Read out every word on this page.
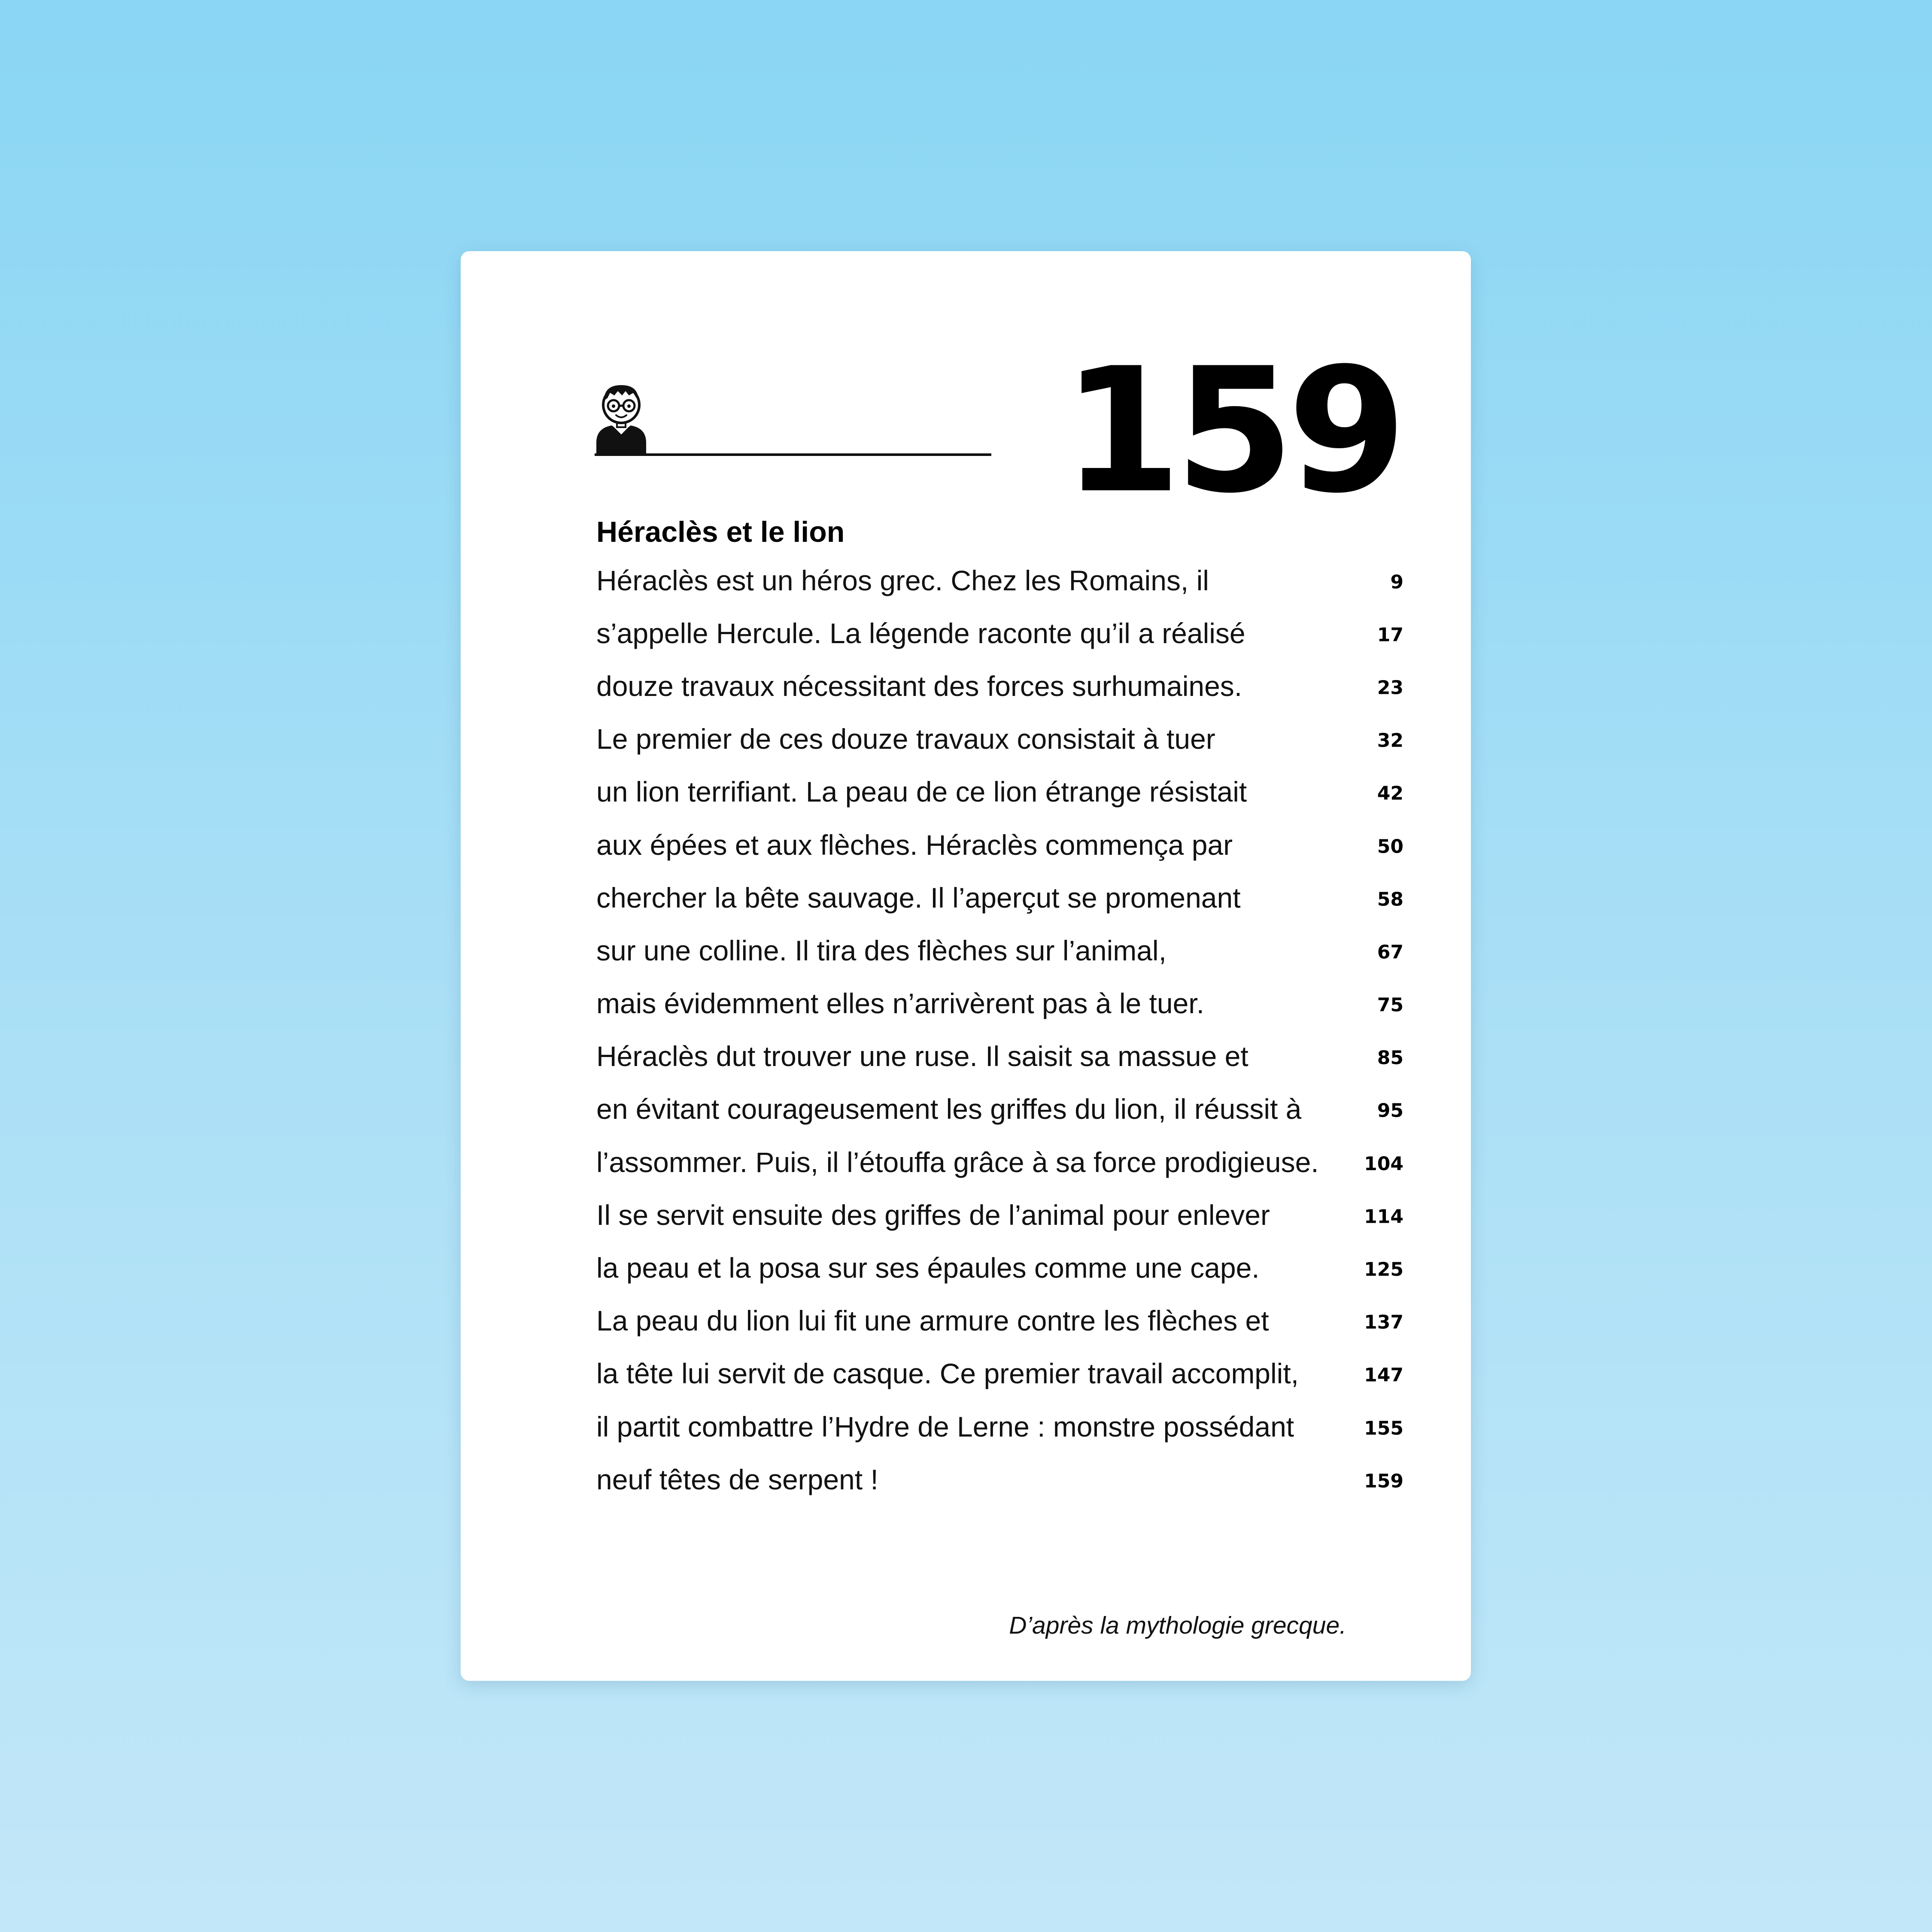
159

Héraclès et le lion
Héraclès est un héros grec. Chez les Romains, il	9
s’appelle Hercule. La légende raconte qu’il a réalisé	17
douze travaux nécessitant des forces surhumaines.	23
Le premier de ces douze travaux consistait à tuer	32
un lion terrifiant. La peau de ce lion étrange résistait	42
aux épées et aux flèches. Héraclès commença par	50
chercher la bête sauvage. Il l’aperçut se promenant	58
sur une colline. Il tira des flèches sur l’animal,	67
mais évidemment elles n’arrivèrent pas à le tuer.	75
Héraclès dut trouver une ruse. Il saisit sa massue et	85
en évitant courageusement les griffes du lion, il réussit à	95
l’assommer. Puis, il l’étouffa grâce à sa force prodigieuse. 104
Il se servit ensuite des griffes de l’animal pour enlever	114
la peau et la posa sur ses épaules comme une cape.	125
La peau du lion lui fit une armure contre les flèches et	137
la tête lui servit de casque. Ce premier travail accomplit,	147
il partit combattre l’Hydre de Lerne : monstre possédant	155
neuf têtes de serpent !	159

D’après la mythologie grecque.
